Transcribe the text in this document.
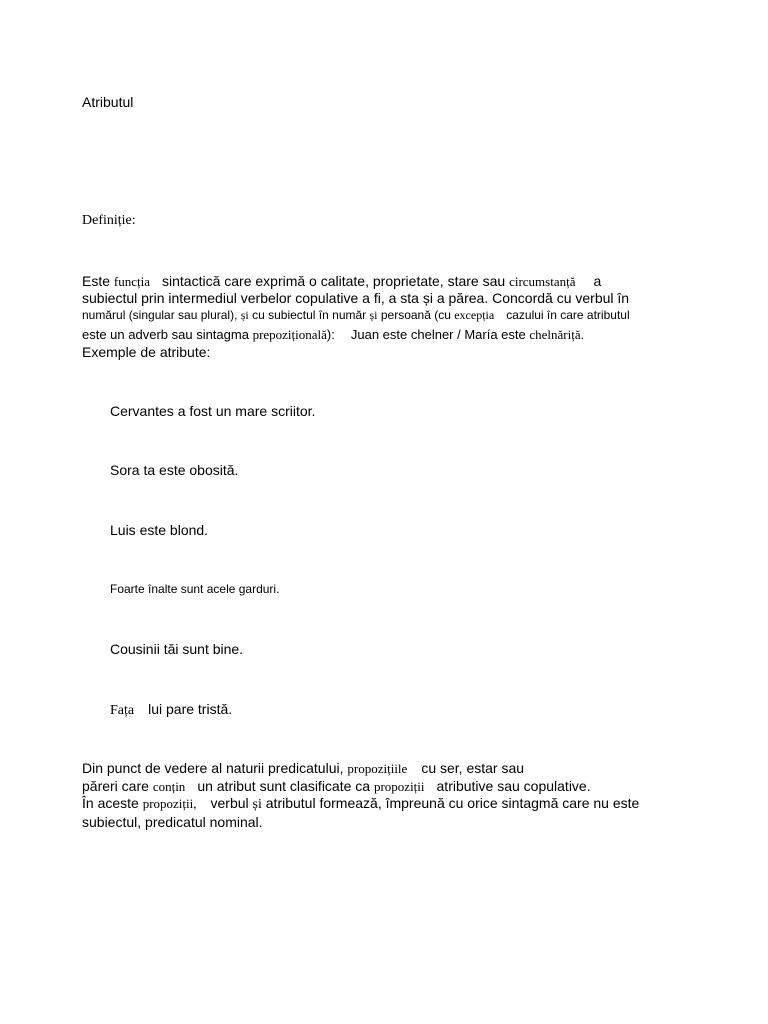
Atributul
Definiție:
Este funcția sintactică care exprimă o calitate, proprietate, stare sau circumstanță a
subiectul prin intermediul verbelor copulative a fi, a sta și a părea. Concordă cu verbul în
numărul (singular sau plural), și cu subiectul în număr și persoană (cu excepția cazului în care atributul
este un adverb sau sintagma prepozițională): Juan este chelner / María este chelnăriță.
Exemple de atribute:
Cervantes a fost un mare scriitor.
Sora ta este obosită.
Luis este blond.
Foarte înalte sunt acele garduri.
Cousinii tăi sunt bine.
Fața lui pare tristă.
Din punct de vedere al naturii predicatului, propozițiile cu ser, estar sau
păreri care conțin un atribut sunt clasificate ca propoziții atributive sau copulative.
În aceste propoziții, verbul și atributul formează, împreună cu orice sintagmă care nu este
subiectul, predicatul nominal.
